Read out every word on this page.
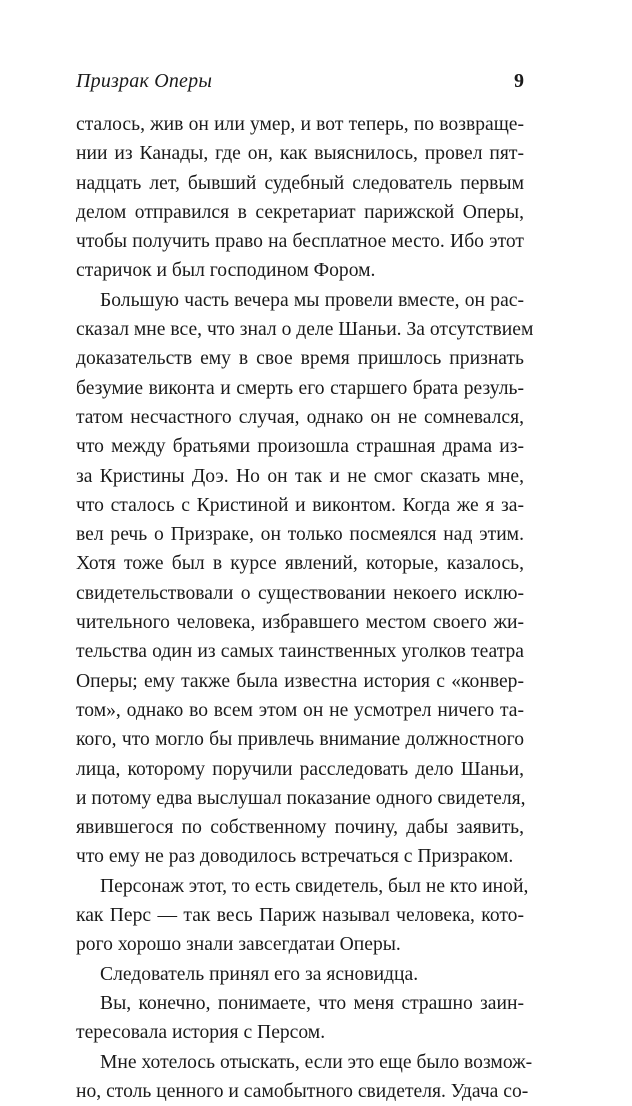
Призрак Оперы	9
сталось, жив он или умер, и вот теперь, по возвраще-
нии из Канады, где он, как выяснилось, провел пят-
надцать лет, бывший судебный следователь первым
делом отправился в секретариат парижской Оперы,
чтобы получить право на бесплатное место. Ибо этот
старичок и был господином Фором.
Большую часть вечера мы провели вместе, он рас-
сказал мне все, что знал о деле Шаньи. За отсутствием
доказательств ему в свое время пришлось признать
безумие виконта и смерть его старшего брата резуль-
татом несчастного случая, однако он не сомневался,
что между братьями произошла страшная драма из-
за Кристины Доэ. Но он так и не смог сказать мне,
что сталось с Кристиной и виконтом. Когда же я за-
вел речь о Призраке, он только посмеялся над этим.
Хотя тоже был в курсе явлений, которые, казалось,
свидетельствовали о существовании некоего исклю-
чительного человека, избравшего местом своего жи-
тельства один из самых таинственных уголков театра
Оперы; ему также была известна история с «конвер-
том», однако во всем этом он не усмотрел ничего та-
кого, что могло бы привлечь внимание должностного
лица, которому поручили расследовать дело Шаньи,
и потому едва выслушал показание одного свидетеля,
явившегося по собственному почину, дабы заявить,
что ему не раз доводилось встречаться с Призраком.
Персонаж этот, то есть свидетель, был не кто иной,
как Перс — так весь Париж называл человека, кото-
рого хорошо знали завсегдатаи Оперы.
Следователь принял его за ясновидца.
Вы, конечно, понимаете, что меня страшно заин-
тересовала история с Персом.
Мне хотелось отыскать, если это еще было возмож-
но, столь ценного и самобытного свидетеля. Удача со-
